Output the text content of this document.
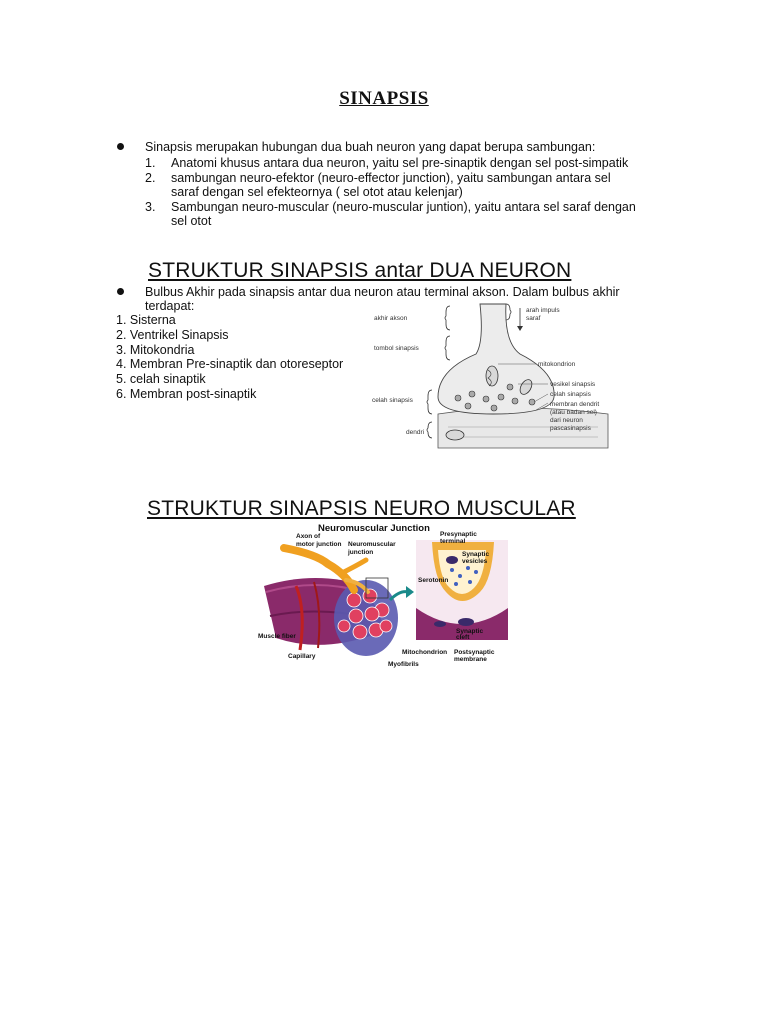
SINAPSIS
Sinapsis merupakan hubungan dua buah neuron yang dapat berupa sambungan:
1. Anatomi khusus antara dua neuron, yaitu sel pre-sinaptik dengan sel post-simpatik
2. sambungan neuro-efektor (neuro-effector junction), yaitu sambungan antara sel
saraf dengan sel efekteornya ( sel otot atau kelenjar)
3. Sambungan neuro-muscular (neuro-muscular juntion), yaitu antara sel saraf dengan
sel otot
STRUKTUR SINAPSIS antar DUA NEURON
Bulbus Akhir pada sinapsis antar dua neuron atau terminal akson. Dalam bulbus akhir
terdapat:
1. Sisterna
2. Ventrikel Sinapsis
3. Mitokondria
4. Membran Pre-sinaptik dan otoreseptor
5. celah sinaptik
6. Membran post-sinaptik
akhir akson
tombol sinapsis
celah sinapsis
dendri
arah impuls
saraf
mitokondrion
vesikel sinapsis
celah sinapsis
membran dendrit
(atau badan sel)
dari neuron
pascasinapsis
STRUKTUR SINAPSIS NEURO MUSCULAR
Neuromuscular Junction
Axon of
motor junction Neuromuscular
junction
Presynaptic
terminal
Synaptic
vesicles
Serotonin
Synaptic
cleft
Muscle fiber
Capillary
Myofibrils
Mitochondrion Postsynaptic
membrane
